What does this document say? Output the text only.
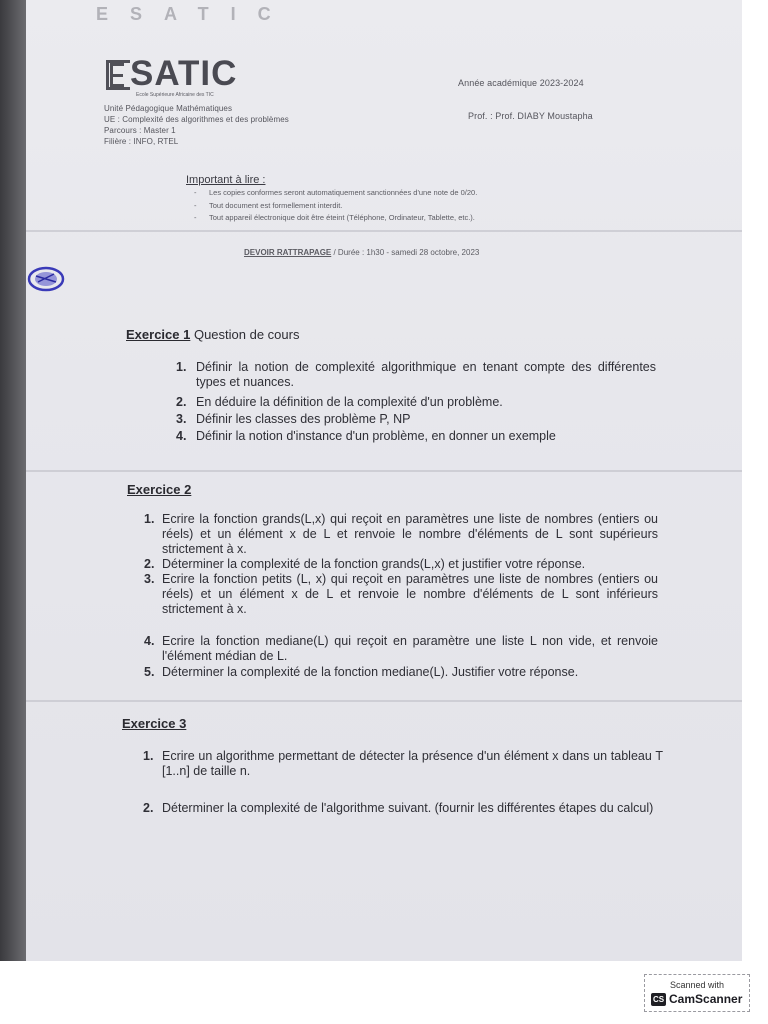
ESATIC
SATIC
Ecole Supérieure Africaine des TIC
Unité Pédagogique Mathématiques
UE : Complexité des algorithmes et des problèmes
Parcours : Master 1
Filière : INFO, RTEL
Année académique 2023-2024
Prof. : Prof. DIABY Moustapha
Important à lire :
- Les copies conformes seront automatiquement sanctionnées d'une note de 0/20.
- Tout document est formellement interdit.
- Tout appareil électronique doit être éteint (Téléphone, Ordinateur, Tablette, etc.).
DEVOIR RATTRAPAGE / Durée : 1h30 - samedi 28 octobre, 2023
Exercice 1 Question de cours
1. Définir la notion de complexité algorithmique en tenant compte des différentes types et nuances.
2. En déduire la définition de la complexité d'un problème.
3. Définir les classes des problème P, NP
4. Définir la notion d'instance d'un problème, en donner un exemple
Exercice 2
1. Ecrire la fonction grands(L,x) qui reçoit en paramètres une liste de nombres (entiers ou réels) et un élément x de L et renvoie le nombre d'éléments de L sont supérieurs strictement à x.
2. Déterminer la complexité de la fonction grands(L,x) et justifier votre réponse.
3. Ecrire la fonction petits (L, x) qui reçoit en paramètres une liste de nombres (entiers ou réels) et un élément x de L et renvoie le nombre d'éléments de L sont inférieurs strictement à x.
4. Ecrire la fonction mediane(L) qui reçoit en paramètre une liste L non vide, et renvoie l'élément médian de L.
5. Déterminer la complexité de la fonction mediane(L). Justifier votre réponse.
Exercice 3
1. Ecrire un algorithme permettant de détecter la présence d'un élément x dans un tableau T [1..n] de taille n.
2. Déterminer la complexité de l'algorithme suivant. (fournir les différentes étapes du calcul)
Scanned with
CS CamScanner
